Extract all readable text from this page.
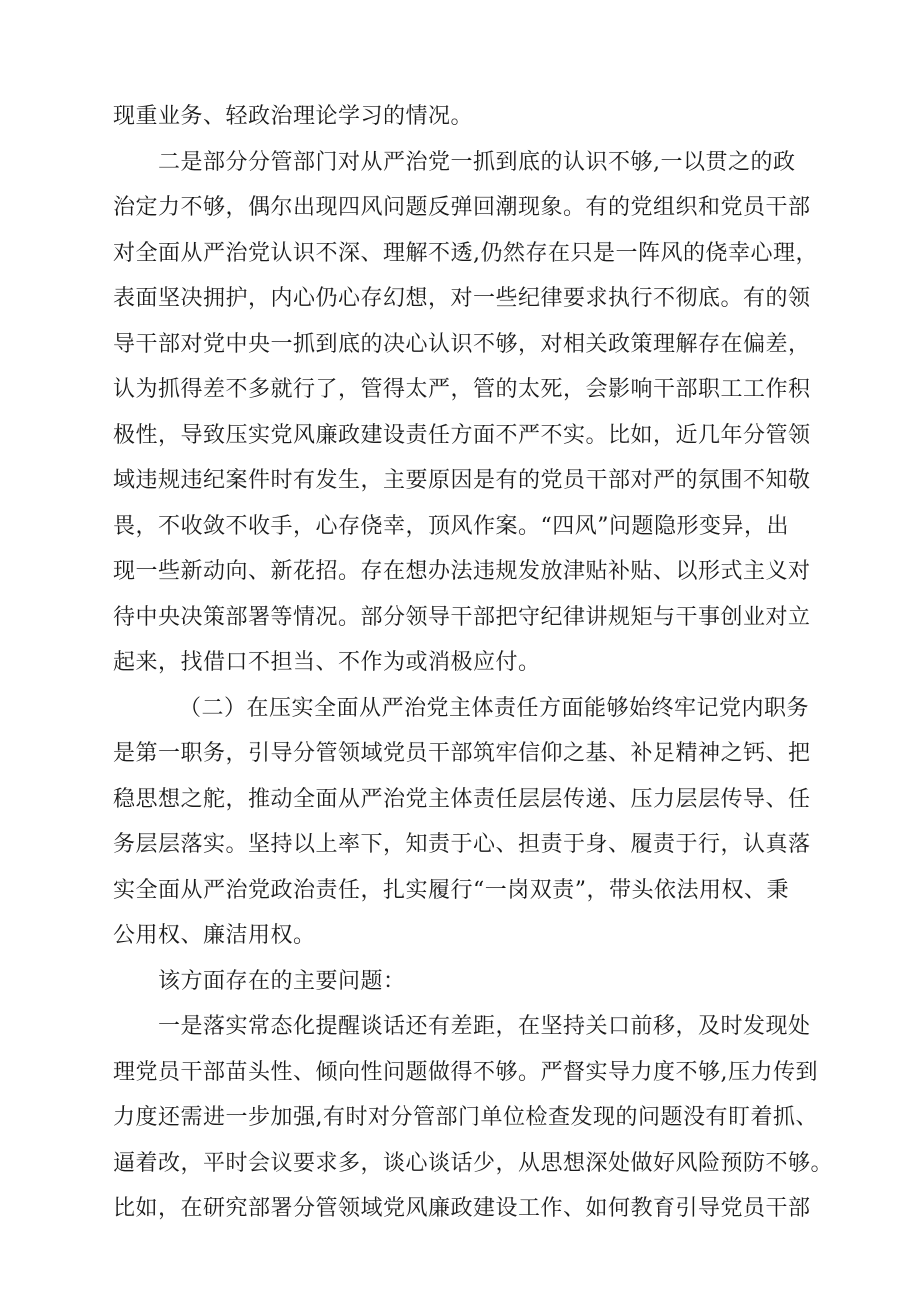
现重业务、轻政治理论学习的情况。
二是部分分管部门对从严治党一抓到底的认识不够,一以贯之的政
治定力不够，偶尔出现四风问题反弹回潮现象。有的党组织和党员干部
对全面从严治党认识不深、理解不透,仍然存在只是一阵风的侥幸心理，
表面坚决拥护，内心仍心存幻想，对一些纪律要求执行不彻底。有的领
导干部对党中央一抓到底的决心认识不够，对相关政策理解存在偏差，
认为抓得差不多就行了，管得太严，管的太死，会影响干部职工工作积
极性，导致压实党风廉政建设责任方面不严不实。比如，近几年分管领
域违规违纪案件时有发生，主要原因是有的党员干部对严的氛围不知敬
畏，不收敛不收手，心存侥幸，顶风作案。“四风”问题隐形变异，出
现一些新动向、新花招。存在想办法违规发放津贴补贴、以形式主义对
待中央决策部署等情况。部分领导干部把守纪律讲规矩与干事创业对立
起来，找借口不担当、不作为或消极应付。
（二）在压实全面从严治党主体责任方面能够始终牢记党内职务
是第一职务，引导分管领域党员干部筑牢信仰之基、补足精神之钙、把
稳思想之舵，推动全面从严治党主体责任层层传递、压力层层传导、任
务层层落实。坚持以上率下，知责于心、担责于身、履责于行，认真落
实全面从严治党政治责任，扎实履行“一岗双责”，带头依法用权、秉
公用权、廉洁用权。
该方面存在的主要问题：
一是落实常态化提醒谈话还有差距，在坚持关口前移，及时发现处
理党员干部苗头性、倾向性问题做得不够。严督实导力度不够,压力传到
力度还需进一步加强,有时对分管部门单位检查发现的问题没有盯着抓、
逼着改，平时会议要求多，谈心谈话少，从思想深处做好风险预防不够。
比如，在研究部署分管领域党风廉政建设工作、如何教育引导党员干部
